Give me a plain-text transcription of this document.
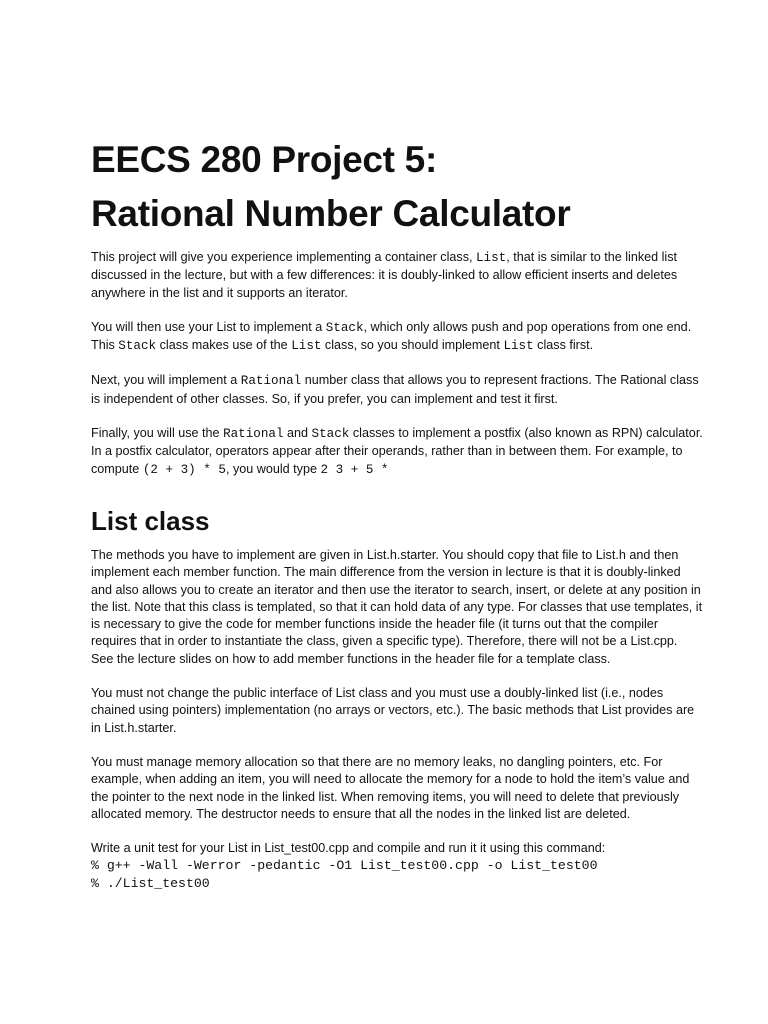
EECS 280 Project 5:
Rational Number Calculator

This project will give you experience implementing a container class, List, that is similar to the linked list discussed in the lecture, but with a few differences: it is doubly-linked to allow efficient inserts and deletes anywhere in the list and it supports an iterator.

You will then use your List to implement a Stack, which only allows push and pop operations from one end. This Stack class makes use of the List class, so you should implement List class first.

Next, you will implement a Rational number class that allows you to represent fractions. The Rational class is independent of other classes. So, if you prefer, you can implement and test it first.

Finally, you will use the Rational and Stack classes to implement a postfix (also known as RPN) calculator. In a postfix calculator, operators appear after their operands, rather than in between them. For example, to compute (2 + 3) * 5, you would type 2 3 + 5 *

List class

The methods you have to implement are given in List.h.starter. You should copy that file to List.h and then implement each member function. The main difference from the version in lecture is that it is doubly-linked and also allows you to create an iterator and then use the iterator to search, insert, or delete at any position in the list. Note that this class is templated, so that it can hold data of any type. For classes that use templates, it is necessary to give the code for member functions inside the header file (it turns out that the compiler requires that in order to instantiate the class, given a specific type). Therefore, there will not be a List.cpp. See the lecture slides on how to add member functions in the header file for a template class.

You must not change the public interface of List class and you must use a doubly-linked list (i.e., nodes chained using pointers) implementation (no arrays or vectors, etc.). The basic methods that List provides are in List.h.starter.

You must manage memory allocation so that there are no memory leaks, no dangling pointers, etc. For example, when adding an item, you will need to allocate the memory for a node to hold the item’s value and the pointer to the next node in the linked list. When removing items, you will need to delete that previously allocated memory. The destructor needs to ensure that all the nodes in the linked list are deleted.

Write a unit test for your List in List_test00.cpp and compile and run it it using this command:

% g++ -Wall -Werror -pedantic -O1 List_test00.cpp -o List_test00
% ./List_test00
